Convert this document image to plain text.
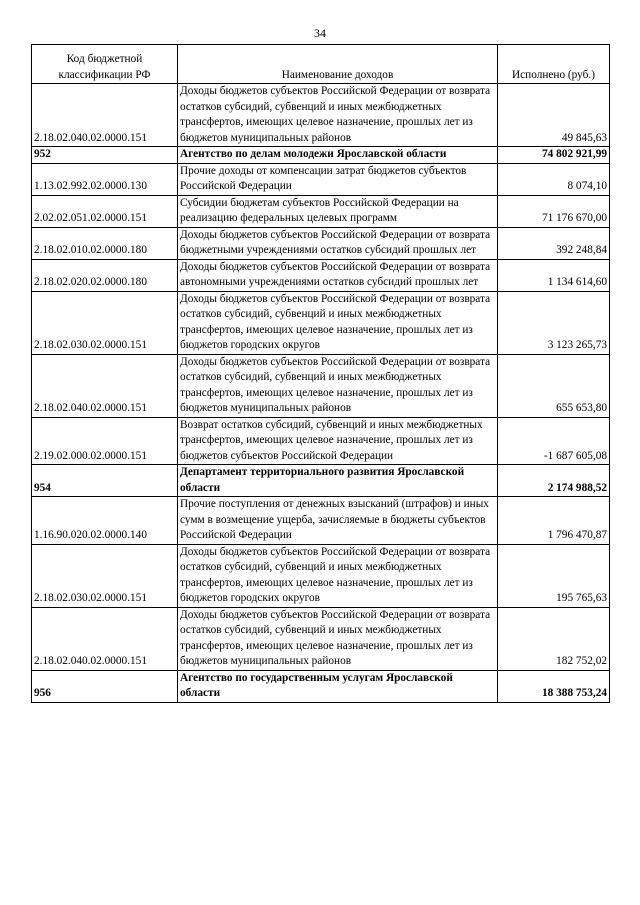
34
Код бюджетной классификации РФ	Наименование доходов	Исполнено (руб.)
2.18.02.040.02.0000.151	Доходы бюджетов субъектов Российской Федерации от возврата остатков субсидий, субвенций и иных межбюджетных трансфертов, имеющих целевое назначение, прошлых лет из бюджетов муниципальных районов	49 845,63
952	Агентство по делам молодежи Ярославской области	74 802 921,99
1.13.02.992.02.0000.130	Прочие доходы от компенсации затрат бюджетов субъектов Российской Федерации	8 074,10
2.02.02.051.02.0000.151	Субсидии бюджетам субъектов Российской Федерации на реализацию федеральных целевых программ	71 176 670,00
2.18.02.010.02.0000.180	Доходы бюджетов субъектов Российской Федерации от возврата бюджетными учреждениями остатков субсидий прошлых лет	392 248,84
2.18.02.020.02.0000.180	Доходы бюджетов субъектов Российской Федерации от возврата автономными учреждениями остатков субсидий прошлых лет	1 134 614,60
2.18.02.030.02.0000.151	Доходы бюджетов субъектов Российской Федерации от возврата остатков субсидий, субвенций и иных межбюджетных трансфертов, имеющих целевое назначение, прошлых лет из бюджетов городских округов	3 123 265,73
2.18.02.040.02.0000.151	Доходы бюджетов субъектов Российской Федерации от возврата остатков субсидий, субвенций и иных межбюджетных трансфертов, имеющих целевое назначение, прошлых лет из бюджетов муниципальных районов	655 653,80
2.19.02.000.02.0000.151	Возврат остатков субсидий, субвенций и иных межбюджетных трансфертов, имеющих целевое назначение, прошлых лет из бюджетов субъектов Российской Федерации	-1 687 605,08
954	Департамент территориального развития Ярославской области	2 174 988,52
1.16.90.020.02.0000.140	Прочие поступления от денежных взысканий (штрафов) и иных сумм в возмещение ущерба, зачисляемые в бюджеты субъектов Российской Федерации	1 796 470,87
2.18.02.030.02.0000.151	Доходы бюджетов субъектов Российской Федерации от возврата остатков субсидий, субвенций и иных межбюджетных трансфертов, имеющих целевое назначение, прошлых лет из бюджетов городских округов	195 765,63
2.18.02.040.02.0000.151	Доходы бюджетов субъектов Российской Федерации от возврата остатков субсидий, субвенций и иных межбюджетных трансфертов, имеющих целевое назначение, прошлых лет из бюджетов муниципальных районов	182 752,02
956	Агентство по государственным услугам Ярославской области	18 388 753,24
